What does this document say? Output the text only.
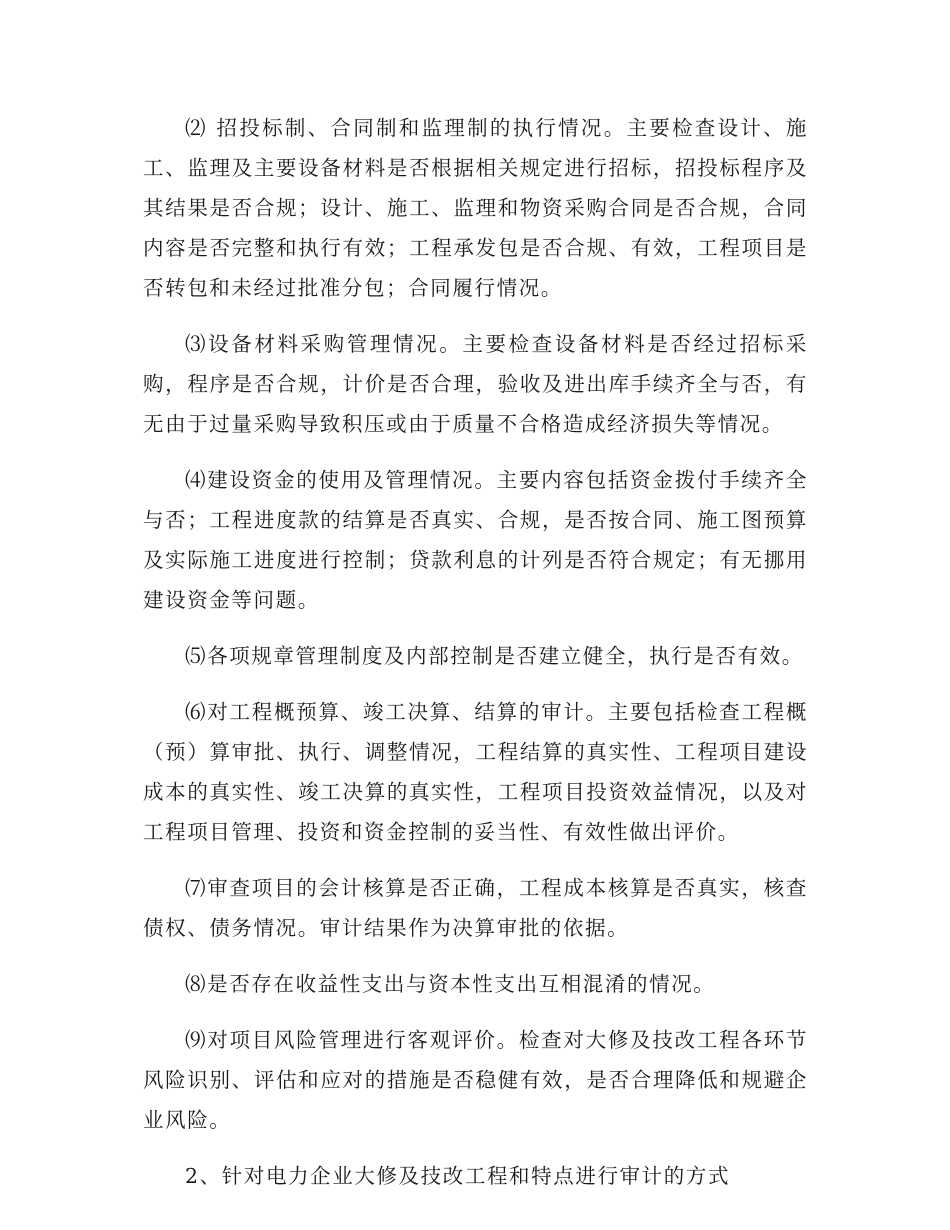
⑵ 招投标制、合同制和监理制的执行情况。主要检查设计、施工、监理及主要设备材料是否根据相关规定进行招标，招投标程序及其结果是否合规；设计、施工、监理和物资采购合同是否合规，合同内容是否完整和执行有效；工程承发包是否合规、有效，工程项目是否转包和未经过批准分包；合同履行情况。

⑶设备材料采购管理情况。主要检查设备材料是否经过招标采购，程序是否合规，计价是否合理，验收及进出库手续齐全与否，有无由于过量采购导致积压或由于质量不合格造成经济损失等情况。

⑷建设资金的使用及管理情况。主要内容包括资金拨付手续齐全与否；工程进度款的结算是否真实、合规，是否按合同、施工图预算及实际施工进度进行控制；贷款利息的计列是否符合规定；有无挪用建设资金等问题。

⑸各项规章管理制度及内部控制是否建立健全，执行是否有效。

⑹对工程概预算、竣工决算、结算的审计。主要包括检查工程概（预）算审批、执行、调整情况，工程结算的真实性、工程项目建设成本的真实性、竣工决算的真实性，工程项目投资效益情况，以及对工程项目管理、投资和资金控制的妥当性、有效性做出评价。

⑺审查项目的会计核算是否正确，工程成本核算是否真实，核查债权、债务情况。审计结果作为决算审批的依据。

⑻是否存在收益性支出与资本性支出互相混淆的情况。

⑼对项目风险管理进行客观评价。检查对大修及技改工程各环节风险识别、评估和应对的措施是否稳健有效，是否合理降低和规避企业风险。

2、针对电力企业大修及技改工程和特点进行审计的方式
